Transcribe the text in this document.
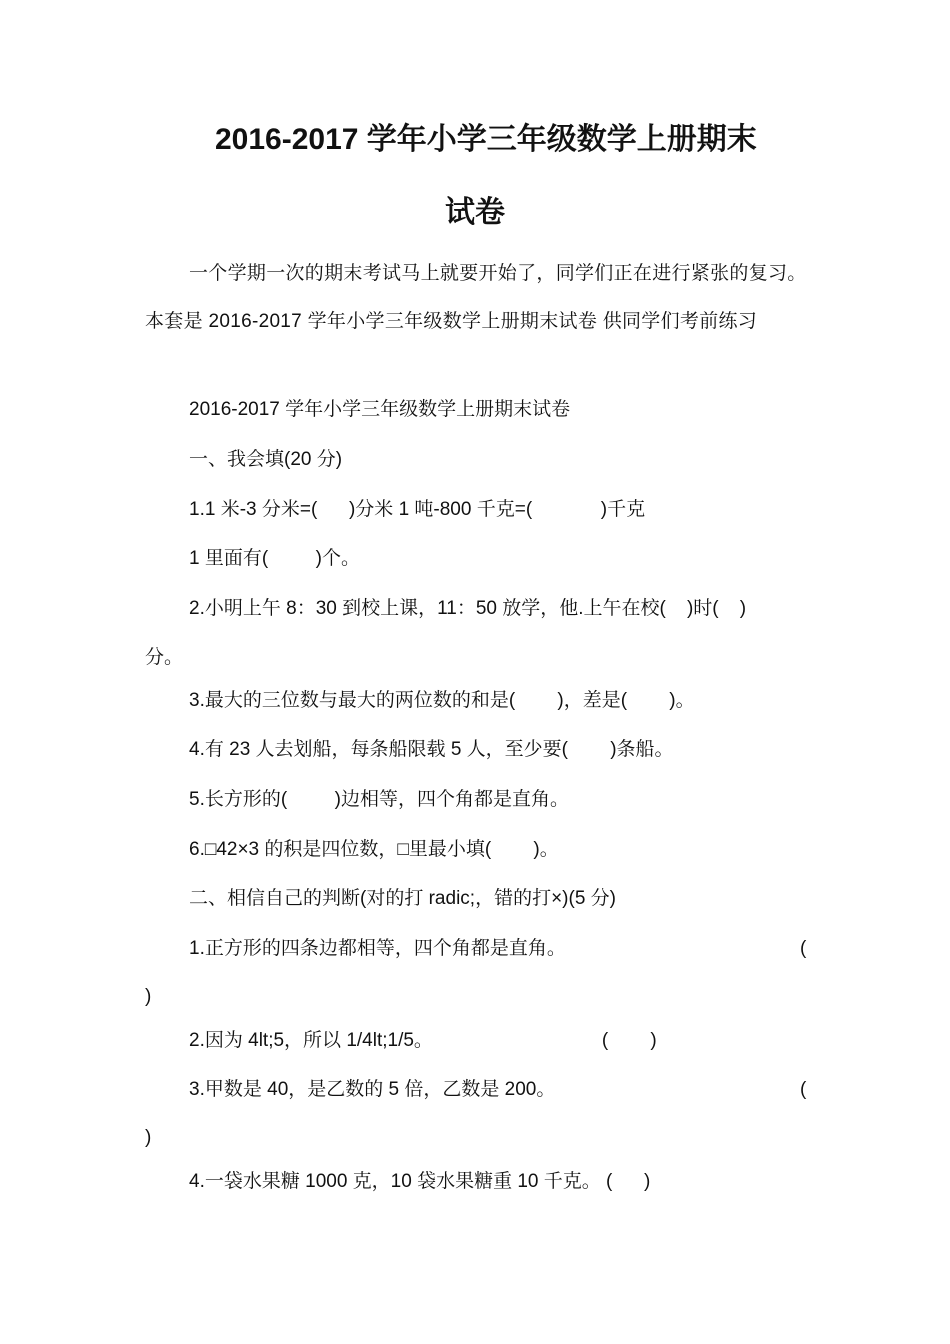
2016-2017 学年小学三年级数学上册期末
试卷
一个学期一次的期末考试马上就要开始了，同学们正在进行紧张的复习。本套是 2016-2017 学年小学三年级数学上册期末试卷 供同学们考前练习
2016-2017 学年小学三年级数学上册期末试卷
一、我会填(20 分)
1.1 米-3 分米=(      )分米 1 吨-800 千克=(             )千克
1 里面有(         )个。
2.小明上午 8：30 到校上课，11：50 放学，他.上午在校(    )时(    )
分。
3.最大的三位数与最大的两位数的和是(        )，差是(        )。
4.有 23 人去划船，每条船限载 5 人，至少要(        )条船。
5.长方形的(         )边相等，四个角都是直角。
6.□42×3 的积是四位数，□里最小填(        )。
二、相信自己的判断(对的打 radic;，错的打×)(5 分)
1.正方形的四条边都相等，四个角都是直角。	(
)
2.因为 4lt;5，所以 1/4lt;1/5。                                (        )
3.甲数是 40，是乙数的 5 倍，乙数是 200。	(
)
4.一袋水果糖 1000 克，10 袋水果糖重 10 千克。 (      )
